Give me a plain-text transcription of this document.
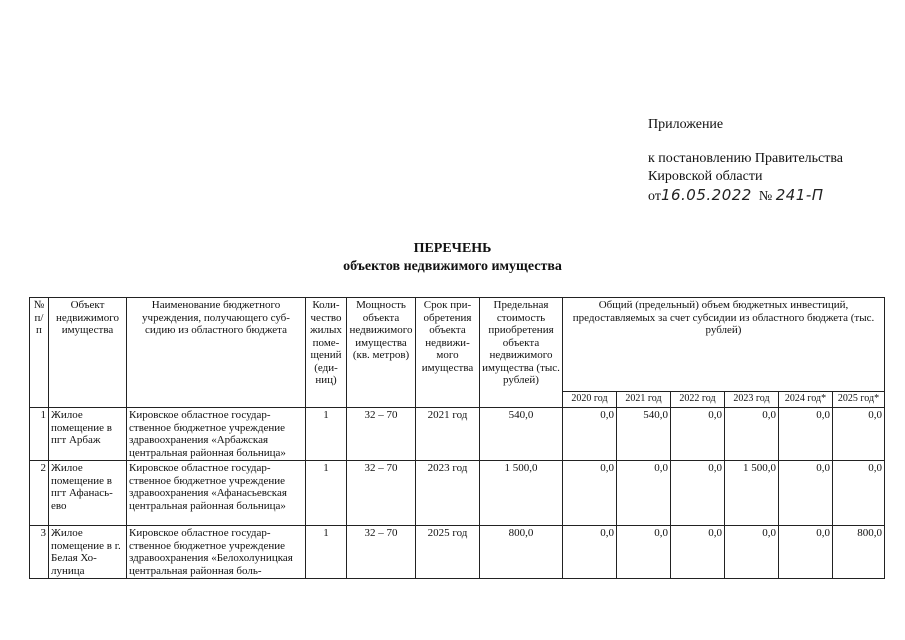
Приложение
к постановлению Правительства
Кировской области
от16.05.2022 № 241-П
ПЕРЕЧЕНЬ
объектов недвижимого имущества
№ п/п	Объект недвижимого имущества	Наименование бюджетного учреждения, получающего субсидию из областного бюджета	Количество жилых помещений (единиц)	Мощность объекта недвижимого имущества (кв. метров)	Срок приобретения объекта недвижимого имущества	Предельная стоимость приобретения объекта недвижимого имущества (тыс. рублей)	Общий (предельный) объем бюджетных инвестиций, предоставляемых за счет субсидии из областного бюджета (тыс. рублей)					
							2020 год	2021 год	2022 год	2023 год	2024 год*	2025 год*
1	Жилое помещение в пгт Арбаж	Кировское областное государственное бюджетное учреждение здравоохранения «Арбажская центральная районная больница»	1	32 – 70	2021 год	540,0	0,0	540,0	0,0	0,0	0,0	0,0
2	Жилое помещение в пгт Афанасьево	Кировское областное государственное бюджетное учреждение здравоохранения «Афанасьевская центральная районная больница»	1	32 – 70	2023 год	1 500,0	0,0	0,0	0,0	1 500,0	0,0	0,0
3	Жилое помещение в г. Белая Холуница	Кировское областное государственное бюджетное учреждение здравоохранения «Белохолуницкая центральная районная боль-	1	32 – 70	2025 год	800,0	0,0	0,0	0,0	0,0	0,0	800,0
